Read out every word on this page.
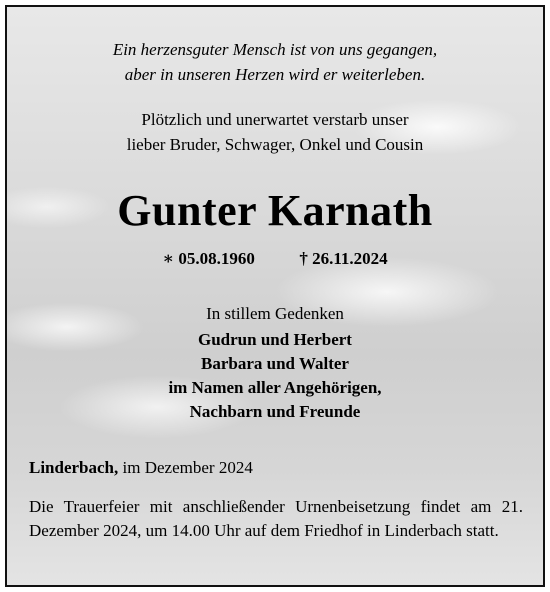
Ein herzensguter Mensch ist von uns gegangen,
aber in unseren Herzen wird er weiterleben.
Plötzlich und unerwartet verstarb unser
lieber Bruder, Schwager, Onkel und Cousin
Gunter Karnath
∗ 05.08.1960	† 26.11.2024
In stillem Gedenken
Gudrun und Herbert
Barbara und Walter
im Namen aller Angehörigen,
Nachbarn und Freunde
Linderbach, im Dezember 2024
Die Trauerfeier mit anschließender Urnenbeisetzung findet am 21. Dezember 2024, um 14.00 Uhr auf dem Friedhof in Linderbach statt.
